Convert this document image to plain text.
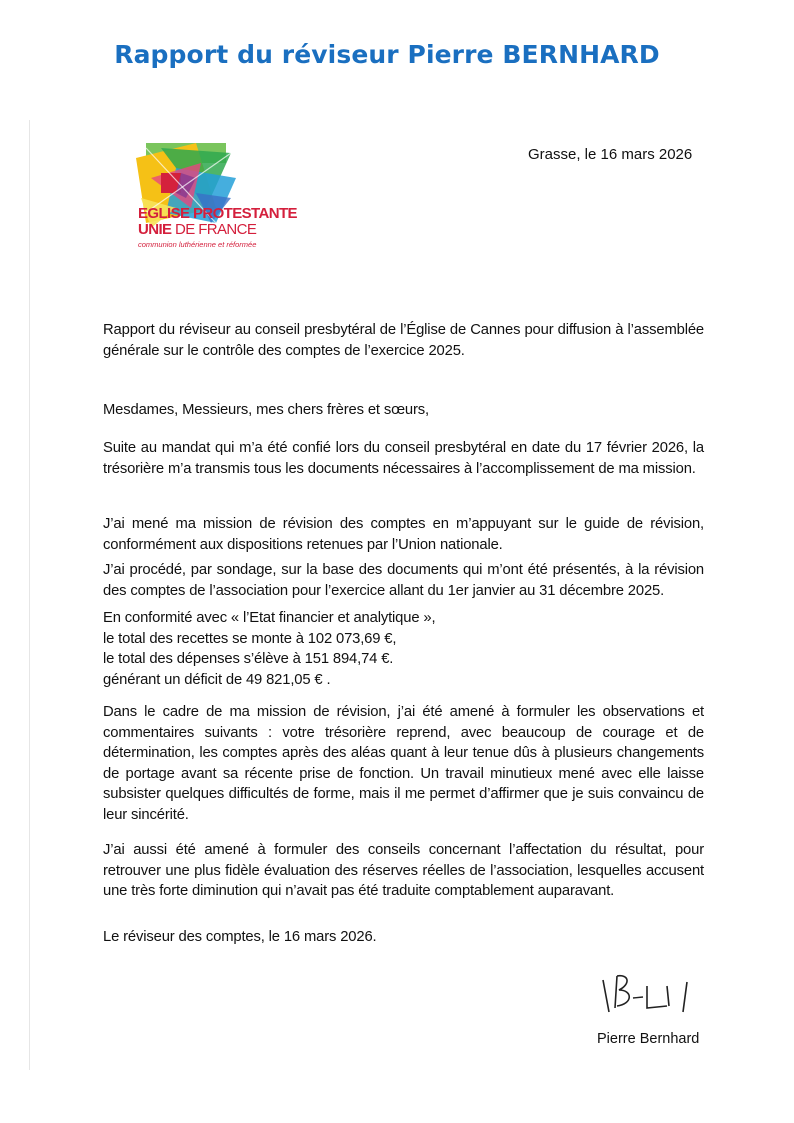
Rapport du réviseur Pierre BERNHARD
EGLISE PROTESTANTE
UNIE DE FRANCE
communion luthérienne et réformée
Grasse, le 16 mars 2026
Rapport du réviseur au conseil presbytéral de l’Église de Cannes pour diffusion à l’assemblée générale sur le contrôle des comptes de l’exercice 2025.
Mesdames, Messieurs, mes chers frères et sœurs,
Suite au mandat qui m’a été confié lors du conseil presbytéral en date du 17 février 2026, la trésorière m’a transmis tous les documents nécessaires à l’accomplissement de ma mission.
J’ai mené ma mission de révision des comptes en m’appuyant sur le guide de révision, conformément aux dispositions retenues par l’Union nationale.
J’ai procédé, par sondage, sur la base des documents qui m’ont été présentés, à la révision des comptes de l’association pour l’exercice allant du 1er janvier au 31 décembre 2025.
En conformité avec « l’Etat financier et analytique »,
le total des recettes se monte à 102 073,69 €,
le total des dépenses s’élève à 151 894,74 €.
générant un déficit de 49 821,05 € .
Dans le cadre de ma mission de révision, j’ai été amené à formuler les observations et commentaires suivants : votre trésorière reprend, avec beaucoup de courage et de détermination, les comptes après des aléas quant à leur tenue dûs à plusieurs changements de portage avant sa récente prise de fonction. Un travail minutieux mené avec elle laisse subsister quelques difficultés de forme, mais il me permet d’affirmer que je suis convaincu de leur sincérité.
J’ai aussi été amené à formuler des conseils concernant l’affectation du résultat, pour retrouver une plus fidèle évaluation des réserves réelles de l’association, lesquelles accusent une très forte diminution qui n’avait pas été traduite comptablement auparavant.
Le réviseur des comptes, le 16 mars 2026.
Pierre Bernhard
